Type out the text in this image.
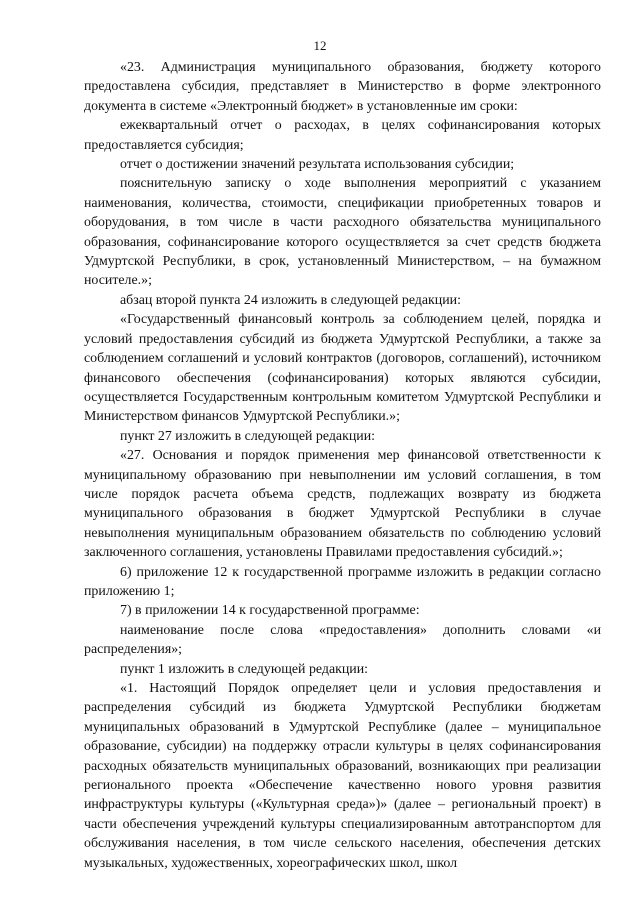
12

«23. Администрация муниципального образования, бюджету которого предоставлена субсидия, представляет в Министерство в форме электронного документа в системе «Электронный бюджет» в установленные им сроки:

ежеквартальный отчет о расходах, в целях софинансирования которых предоставляется субсидия;

отчет о достижении значений результата использования субсидии;

пояснительную записку о ходе выполнения мероприятий с указанием наименования, количества, стоимости, спецификации приобретенных товаров и оборудования, в том числе в части расходного обязательства муниципального образования, софинансирование которого осуществляется за счет средств бюджета Удмуртской Республики, в срок, установленный Министерством, – на бумажном носителе.»;

абзац второй пункта 24 изложить в следующей редакции:

«Государственный финансовый контроль за соблюдением целей, порядка и условий предоставления субсидий из бюджета Удмуртской Республики, а также за соблюдением соглашений и условий контрактов (договоров, соглашений), источником финансового обеспечения (софинансирования) которых являются субсидии, осуществляется Государственным контрольным комитетом Удмуртской Республики и Министерством финансов Удмуртской Республики.»;

пункт 27 изложить в следующей редакции:

«27. Основания и порядок применения мер финансовой ответственности к муниципальному образованию при невыполнении им условий соглашения, в том числе порядок расчета объема средств, подлежащих возврату из бюджета муниципального образования в бюджет Удмуртской Республики в случае невыполнения муниципальным образованием обязательств по соблюдению условий заключенного соглашения, установлены Правилами предоставления субсидий.»;

6) приложение 12 к государственной программе изложить в редакции согласно приложению 1;

7) в приложении 14 к государственной программе:

наименование после слова «предоставления» дополнить словами «и распределения»;

пункт 1 изложить в следующей редакции:

«1. Настоящий Порядок определяет цели и условия предоставления и распределения субсидий из бюджета Удмуртской Республики бюджетам муниципальных образований в Удмуртской Республике (далее – муниципальное образование, субсидии) на поддержку отрасли культуры в целях софинансирования расходных обязательств муниципальных образований, возникающих при реализации регионального проекта «Обеспечение качественно нового уровня развития инфраструктуры культуры («Культурная среда»)» (далее – региональный проект) в части обеспечения учреждений культуры специализированным автотранспортом для обслуживания населения, в том числе сельского населения, обеспечения детских музыкальных, художественных, хореографических школ, школ
